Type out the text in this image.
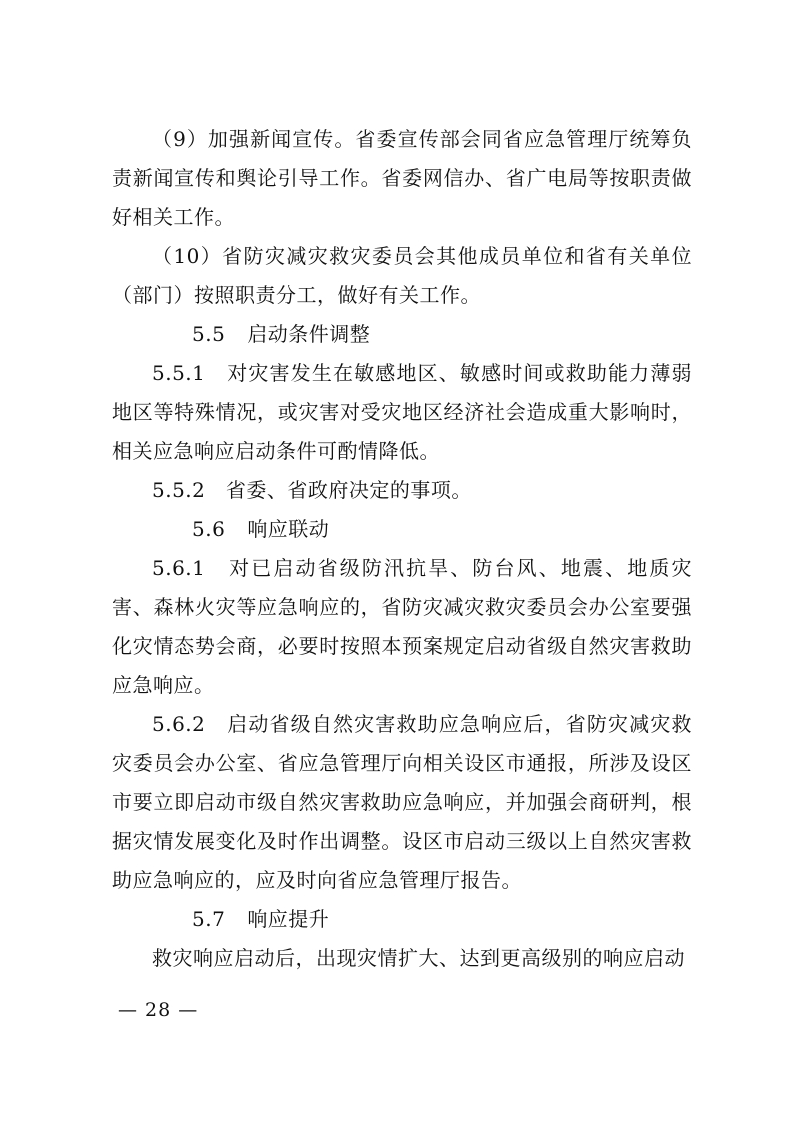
（9）加强新闻宣传。省委宣传部会同省应急管理厅统筹负责新闻宣传和舆论引导工作。省委网信办、省广电局等按职责做好相关工作。

（10）省防灾减灾救灾委员会其他成员单位和省有关单位（部门）按照职责分工，做好有关工作。

5.5 启动条件调整

5.5.1　对灾害发生在敏感地区、敏感时间或救助能力薄弱地区等特殊情况，或灾害对受灾地区经济社会造成重大影响时，相关应急响应启动条件可酌情降低。

5.5.2　省委、省政府决定的事项。

5.6 响应联动

5.6.1　对已启动省级防汛抗旱、防台风、地震、地质灾害、森林火灾等应急响应的，省防灾减灾救灾委员会办公室要强化灾情态势会商，必要时按照本预案规定启动省级自然灾害救助应急响应。

5.6.2　启动省级自然灾害救助应急响应后，省防灾减灾救灾委员会办公室、省应急管理厅向相关设区市通报，所涉及设区市要立即启动市级自然灾害救助应急响应，并加强会商研判，根据灾情发展变化及时作出调整。设区市启动三级以上自然灾害救助应急响应的，应及时向省应急管理厅报告。

5.7 响应提升

救灾响应启动后，出现灾情扩大、达到更高级别的响应启动

— 28 —
